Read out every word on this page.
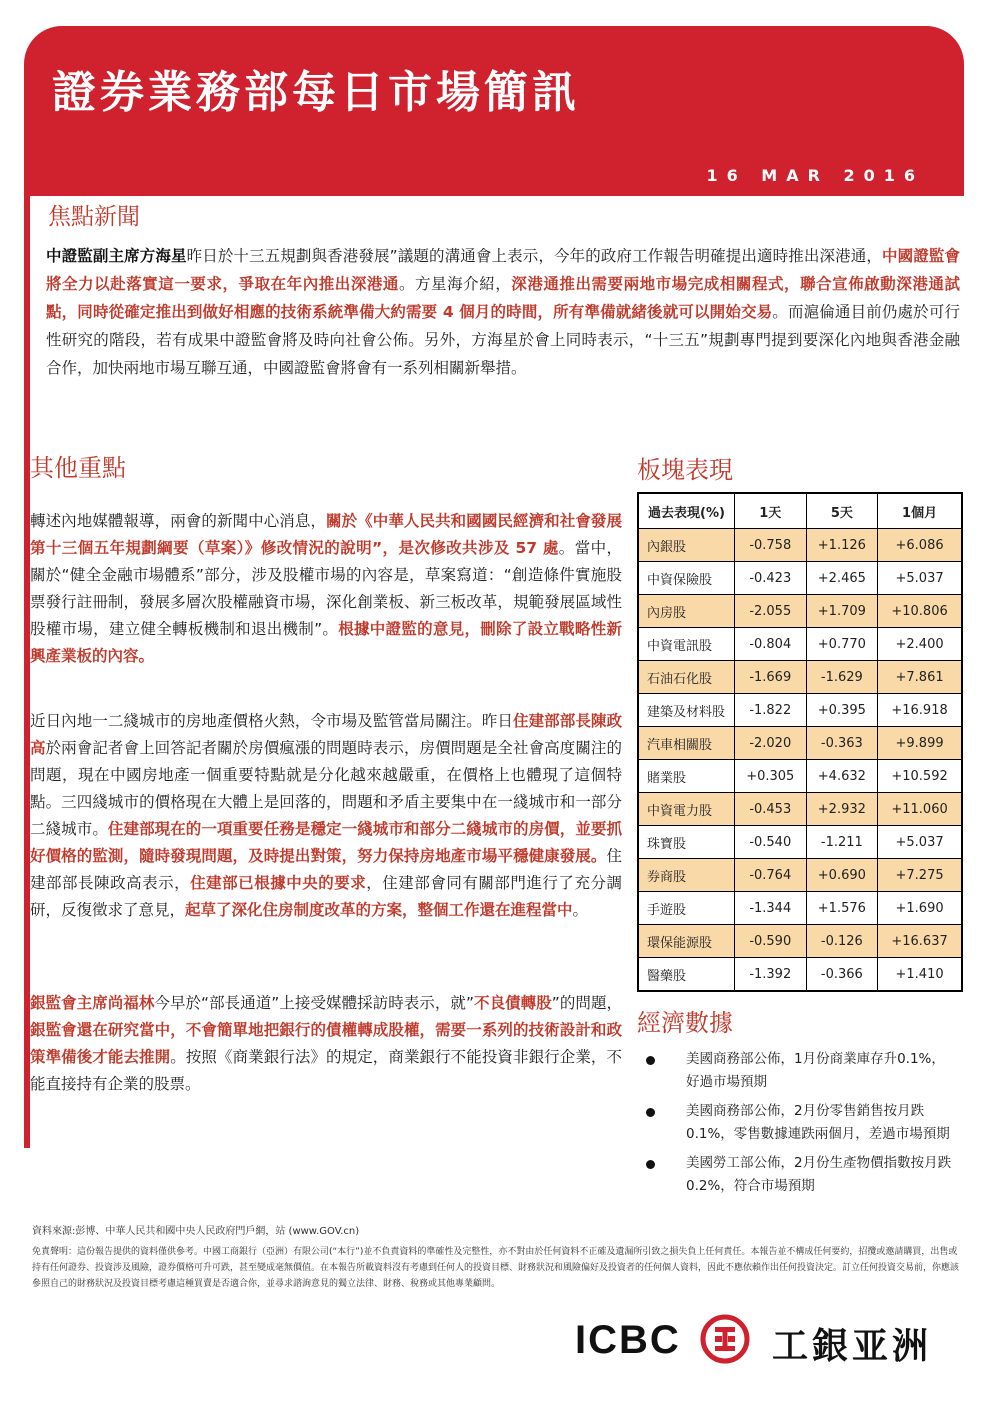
證券業務部每日市場簡訊
16 MAR 2016
焦點新聞

中證監副主席方海星昨日於十三五規劃與香港發展”議題的溝通會上表示，今年的政府工作報告明確提出適時推出深港通，中國證監會將全力以赴落實這一要求，爭取在年內推出深港通。方星海介紹，深港通推出需要兩地市場完成相關程式，聯合宣佈啟動深港通試點，同時從確定推出到做好相應的技術系統準備大約需要 4 個月的時間，所有準備就緒後就可以開始交易。而滬倫通目前仍處於可行性研究的階段，若有成果中證監會將及時向社會公佈。另外，方海星於會上同時表示，“十三五”規劃專門提到要深化內地與香港金融合作，加快兩地市場互聯互通，中國證監會將會有一系列相關新舉措。

其他重點

轉述內地媒體報導，兩會的新聞中心消息，關於《中華人民共和國國民經濟和社會發展第十三個五年規劃綱要（草案）》修改情況的說明”，是次修改共涉及 57 處。當中，關於“健全金融市場體系”部分，涉及股權市場的內容是，草案寫道：“創造條件實施股票發行註冊制，發展多層次股權融資市場，深化創業板、新三板改革，規範發展區域性股權市場，建立健全轉板機制和退出機制”。根據中證監的意見，刪除了設立戰略性新興產業板的內容。

近日內地一二綫城市的房地產價格火熱，令市場及監管當局關注。昨日住建部部長陳政高於兩會記者會上回答記者關於房價瘋漲的問題時表示，房價問題是全社會高度關注的問題，現在中國房地產一個重要特點就是分化越來越嚴重，在價格上也體現了這個特點。三四綫城市的價格現在大體上是回落的，問題和矛盾主要集中在一綫城市和一部分二綫城市。住建部現在的一項重要任務是穩定一綫城市和部分二綫城市的房價，並要抓好價格的監測，隨時發現問題，及時提出對策，努力保持房地產市場平穩健康發展。住建部部長陳政高表示，住建部已根據中央的要求，住建部會同有關部門進行了充分調研，反復徵求了意見，起草了深化住房制度改革的方案，整個工作還在進程當中。

銀監會主席尚福林今早於“部長通道”上接受媒體採訪時表示，就”不良債轉股”的問題，銀監會還在研究當中，不會簡單地把銀行的債權轉成股權，需要一系列的技術設計和政策準備後才能去推開。按照《商業銀行法》的規定，商業銀行不能投資非銀行企業，不能直接持有企業的股票。

板塊表現
過去表現(%)	1天	5天	1個月
內銀股	-0.758	+1.126	+6.086
中資保險股	-0.423	+2.465	+5.037
內房股	-2.055	+1.709	+10.806
中資電訊股	-0.804	+0.770	+2.400
石油石化股	-1.669	-1.629	+7.861
建築及材料股	-1.822	+0.395	+16.918
汽車相關股	-2.020	-0.363	+9.899
賭業股	+0.305	+4.632	+10.592
中資電力股	-0.453	+2.932	+11.060
珠寶股	-0.540	-1.211	+5.037
券商股	-0.764	+0.690	+7.275
手遊股	-1.344	+1.576	+1.690
環保能源股	-0.590	-0.126	+16.637
醫藥股	-1.392	-0.366	+1.410
經濟數據
美國商務部公佈，1月份商業庫存升0.1%，好過市場預期
美國商務部公佈，2月份零售銷售按月跌0.1%，零售數據連跌兩個月，差過市場預期
美國勞工部公佈，2月份生產物價指數按月跌0.2%，符合市場預期
資料來源:彭博、中華人民共和國中央人民政府門戶網，站 (www.GOV.cn)

免責聲明：這份報告提供的資料僅供參考。中國工商銀行（亞洲）有限公司(“本行”)並不負責資料的準確性及完整性，亦不對由於任何資料不正確及遺漏所引致之損失負上任何責任。本報告並不構成任何要約，招攬或邀請購買，出售或持有任何證券、投資涉及風險，證券價格可升可跌，甚至變成毫無價值。在本報告所載資料沒有考慮到任何人的投資目標、財務狀況和風險偏好及投資者的任何個人資料，因此不應依賴作出任何投資決定。訂立任何投資交易前，你應該參照自己的財務狀況及投資目標考慮這種買賣是否適合你，並尋求諮詢意見的獨立法律、財務、稅務或其他專業顧問。

ICBC	工銀亚洲
